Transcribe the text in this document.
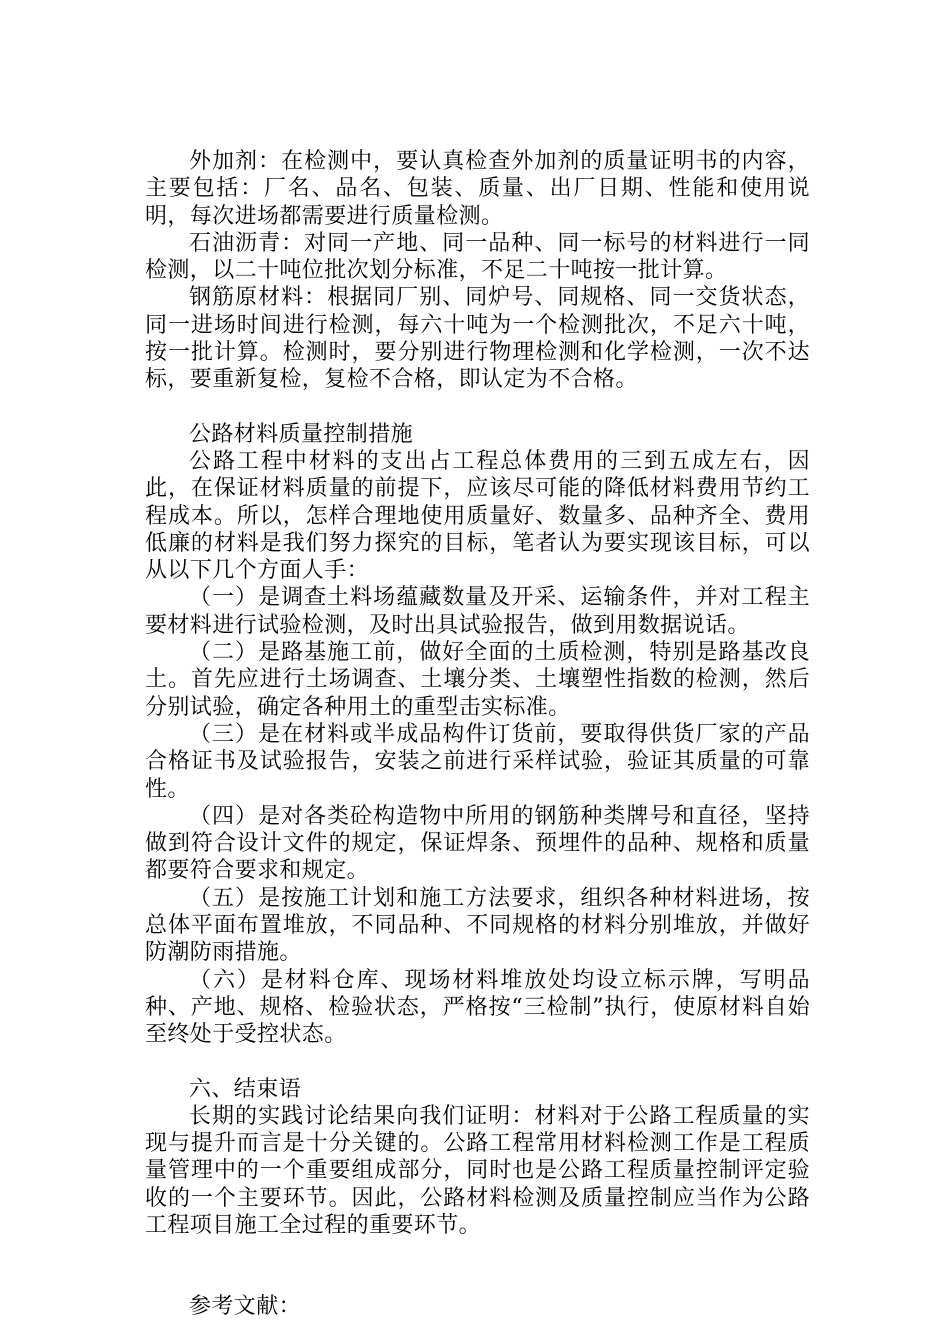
外加剂：在检测中，要认真检查外加剂的质量证明书的内容，主要包括：厂名、品名、包装、质量、出厂日期、性能和使用说明，每次进场都需要进行质量检测。

石油沥青：对同一产地、同一品种、同一标号的材料进行一同检测，以二十吨位批次划分标准，不足二十吨按一批计算。

钢筋原材料：根据同厂别、同炉号、同规格、同一交货状态，同一进场时间进行检测，每六十吨为一个检测批次，不足六十吨，按一批计算。检测时，要分别进行物理检测和化学检测，一次不达标，要重新复检，复检不合格，即认定为不合格。

公路材料质量控制措施

公路工程中材料的支出占工程总体费用的三到五成左右，因此，在保证材料质量的前提下，应该尽可能的降低材料费用节约工程成本。所以，怎样合理地使用质量好、数量多、品种齐全、费用低廉的材料是我们努力探究的目标，笔者认为要实现该目标，可以从以下几个方面人手：

（一）是调查土料场蕴藏数量及开采、运输条件，并对工程主要材料进行试验检测，及时出具试验报告，做到用数据说话。

（二）是路基施工前，做好全面的土质检测，特别是路基改良土。首先应进行土场调查、土壤分类、土壤塑性指数的检测，然后分别试验，确定各种用土的重型击实标准。

（三）是在材料或半成品构件订货前，要取得供货厂家的产品合格证书及试验报告，安装之前进行采样试验，验证其质量的可靠性。

（四）是对各类砼构造物中所用的钢筋种类牌号和直径，坚持做到符合设计文件的规定，保证焊条、预埋件的品种、规格和质量都要符合要求和规定。

（五）是按施工计划和施工方法要求，组织各种材料进场，按总体平面布置堆放，不同品种、不同规格的材料分别堆放，并做好防潮防雨措施。

（六）是材料仓库、现场材料堆放处均设立标示牌，写明品种、产地、规格、检验状态，严格按“三检制”执行，使原材料自始至终处于受控状态。

六、结束语

长期的实践讨论结果向我们证明：材料对于公路工程质量的实现与提升而言是十分关键的。公路工程常用材料检测工作是工程质量管理中的一个重要组成部分，同时也是公路工程质量控制评定验收的一个主要环节。因此，公路材料检测及质量控制应当作为公路工程项目施工全过程的重要环节。

参考文献：
